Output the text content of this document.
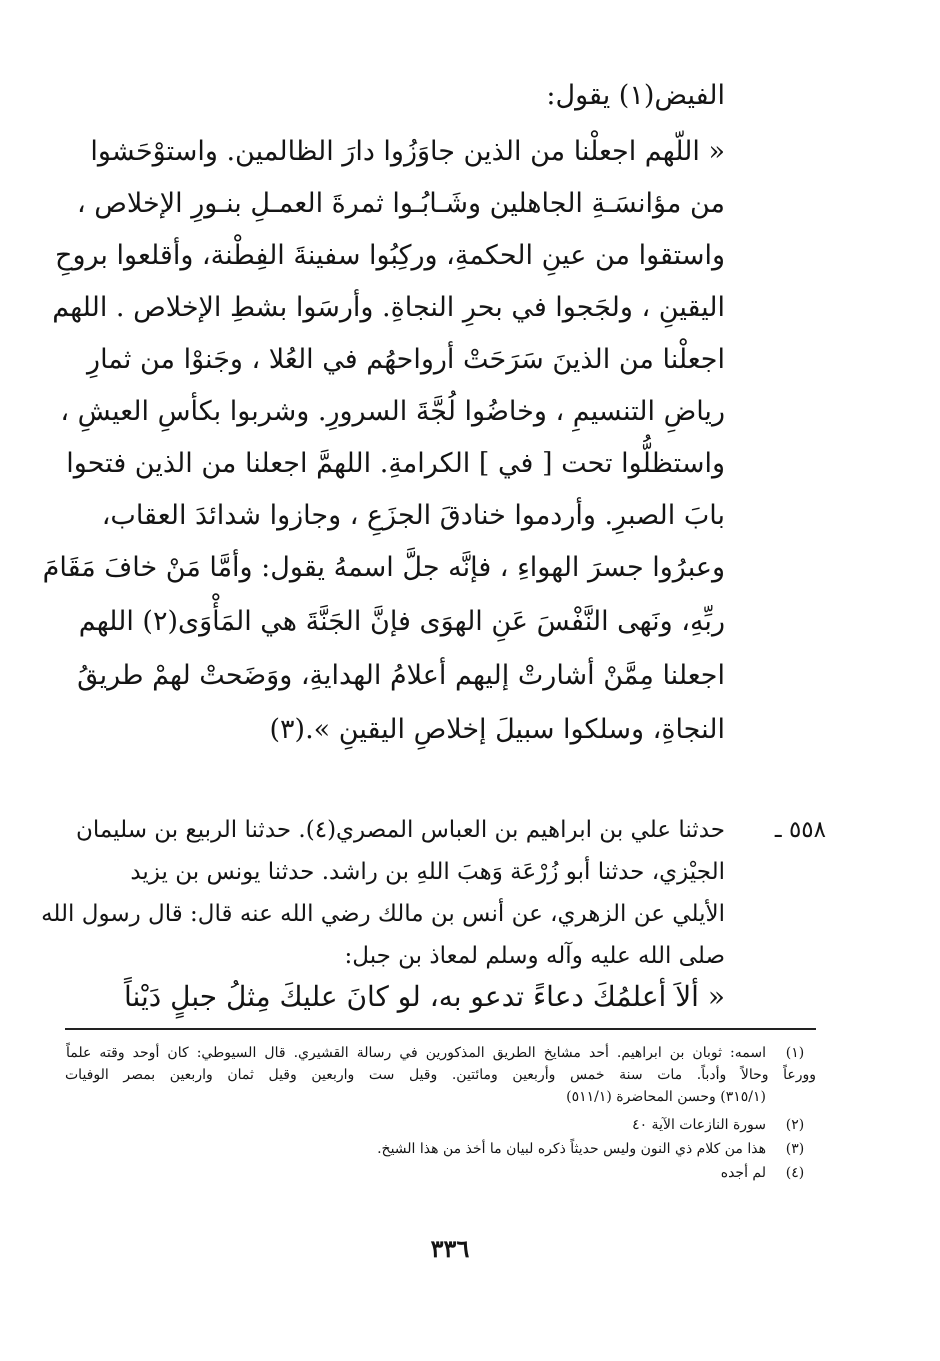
الفيض(١) يقول:
« اللّهم اجعلْنا من الذين جاوَزُوا دارَ الظالمين. واستوْحَشوا
من مؤانسَـةِ الجاهلين وشَـابُـوا ثمرةَ العمـلِ بنـورِ الإخلاص ،
واستقوا من عينِ الحكمةِ، وركِبُوا سفينةَ الفِطْنة، وأقلعوا بروحِ
اليقينِ ، ولجَجوا في بحرِ النجاةِ. وأرسَوا بشطِ الإخلاص . اللهم
اجعلْنا من الذينَ سَرَحَتْ أرواحهُم في العُلا ، وجَنوْا من ثمارِ
رياضِ التنسيمِ ، وخاضُوا لُجَّةَ السرورِ. وشربوا بكأسِ العيشِ ،
واستظلُّوا تحت [ في ] الكرامةِ. اللهمَّ اجعلنا من الذين فتحوا
بابَ الصبرِ. وأردموا خنادقَ الجزَعِ ، وجازوا شدائدَ العقاب،
وعبرُوا جسرَ الهواءِ ، فإنَّه جلَّ اسمهُ يقول: وأمَّا مَنْ خافَ مَقَامَ
ربِّهِ، ونَهى النَّفْسَ عَنِ الهوَى فإنَّ الجَنَّةَ هي المَأْوَى(٢) اللهم
اجعلنا مِمَّنْ أشارتْ إليهم أعلامُ الهدايةِ، ووَضَحتْ لهمْ طريقُ
النجاةِ، وسلكوا سبيلَ إخلاصِ اليقينِ ».(٣)
٥٥٨ ـ
حدثنا علي بن ابراهيم بن العباس المصري(٤). حدثنا الربيع بن سليمان
الجيْزي، حدثنا أبو زُرْعَة وَهبَ اللهِ بن راشد. حدثنا يونس بن يزيد
الأيلي عن الزهري، عن أنس بن مالك رضي الله عنه قال: قال رسول الله
صلى الله عليه وآله وسلم لمعاذ بن جبل:
« ألاَ أعلمُكَ دعاءً تدعو به، لو كانَ عليكَ مِثلُ جبلٍ دَيْناً
(١)
اسمه: ثوبان بن ابراهيم. أحد مشايخ الطريق المذكورين في رسالة القشيري. قال السيوطي: كان أوحد وقته علماً
وورعاً وحالاً وأدباً. مات سنة خمس وأربعين ومائتين. وقيل ست واربعين وقيل ثمان واربعين بمصر الوفيات
(٣١٥/١) وحسن المحاضرة (٥١١/١)
(٢)
سورة النازعات الآية ٤٠
(٣)
هذا من كلام ذي النون وليس حديثاً ذكره لبيان ما أخذ من هذا الشيخ.
(٤)
لم أجده
٣٣٦
